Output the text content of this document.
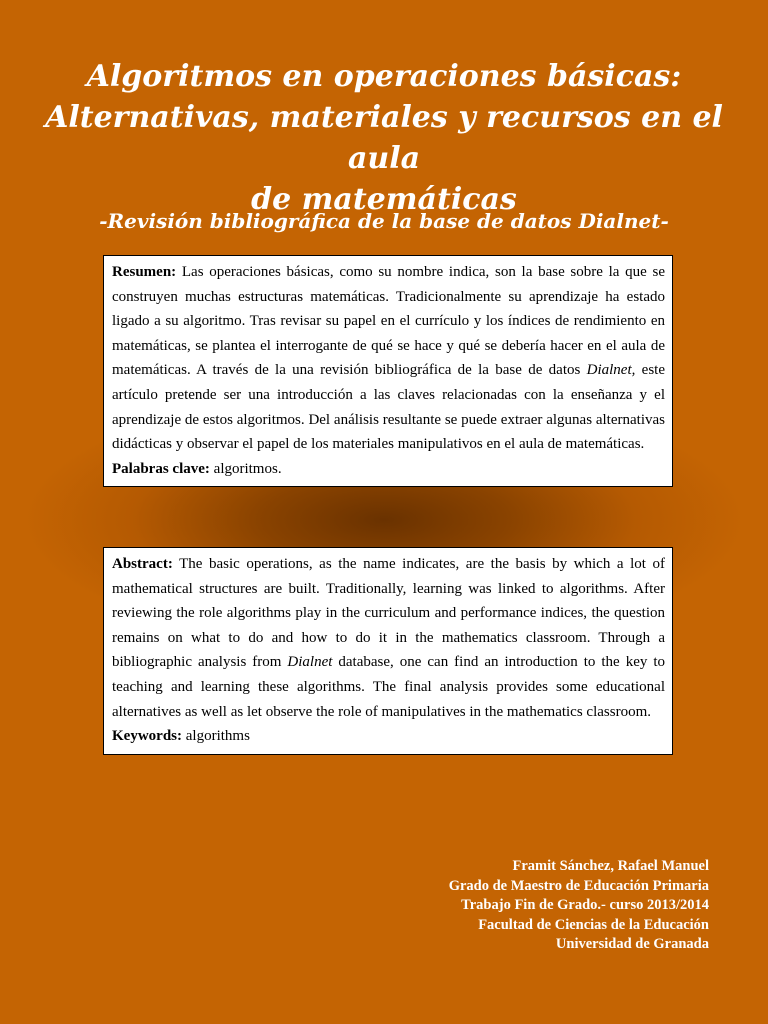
Algoritmos en operaciones básicas:
Alternativas, materiales y recursos en el aula
de matemáticas
-Revisión bibliográfica de la base de datos Dialnet-

Resumen: Las operaciones básicas, como su nombre indica, son la base sobre la que se construyen muchas estructuras matemáticas. Tradicionalmente su aprendizaje ha estado ligado a su algoritmo. Tras revisar su papel en el currículo y los índices de rendimiento en matemáticas, se plantea el interrogante de qué se hace y qué se debería hacer en el aula de matemáticas. A través de la una revisión bibliográfica de la base de datos Dialnet, este artículo pretende ser una introducción a las claves relacionadas con la enseñanza y el aprendizaje de estos algoritmos. Del análisis resultante se puede extraer algunas alternativas didácticas y observar el papel de los materiales manipulativos en el aula de matemáticas.

Palabras clave: algoritmos.

Abstract: The basic operations, as the name indicates, are the basis by which a lot of mathematical structures are built. Traditionally, learning was linked to algorithms. After reviewing the role algorithms play in the curriculum and performance indices, the question remains on what to do and how to do it in the mathematics classroom. Through a bibliographic analysis from Dialnet database, one can find an introduction to the key to teaching and learning these algorithms. The final analysis provides some educational alternatives as well as let observe the role of manipulatives in the mathematics classroom.

Keywords: algorithms

Framit Sánchez, Rafael Manuel
Grado de Maestro de Educación Primaria
Trabajo Fin de Grado.- curso 2013/2014
Facultad de Ciencias de la Educación
Universidad de Granada
